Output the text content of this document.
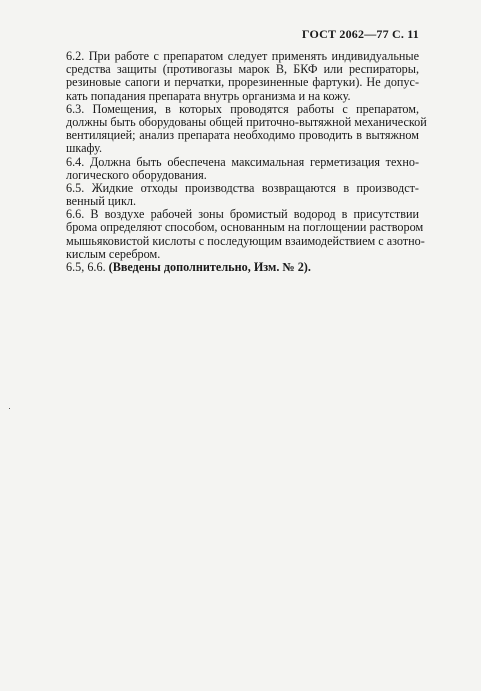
ГОСТ 2062—77 С. 11
6.2. При работе с препаратом следует применять индивидуальные
средства защиты (противогазы марок В, БКФ или респираторы,
резиновые сапоги и перчатки, прорезиненные фартуки). Не допус-
кать попадания препарата внутрь организма и на кожу.
6.3. Помещения, в которых проводятся работы с препаратом,
должны быть оборудованы общей приточно-вытяжной механической
вентиляцией; анализ препарата необходимо проводить в вытяжном
шкафу.
6.4. Должна быть обеспечена максимальная герметизация техно-
логического оборудования.
6.5. Жидкие отходы производства возвращаются в производст-
венный цикл.
6.6. В воздухе рабочей зоны бромистый водород в присутствии
брома определяют способом, основанным на поглощении раствором
мышьяковистой кислоты с последующим взаимодействием с азотно-
кислым серебром.
6.5, 6.6. (Введены дополнительно, Изм. № 2).
